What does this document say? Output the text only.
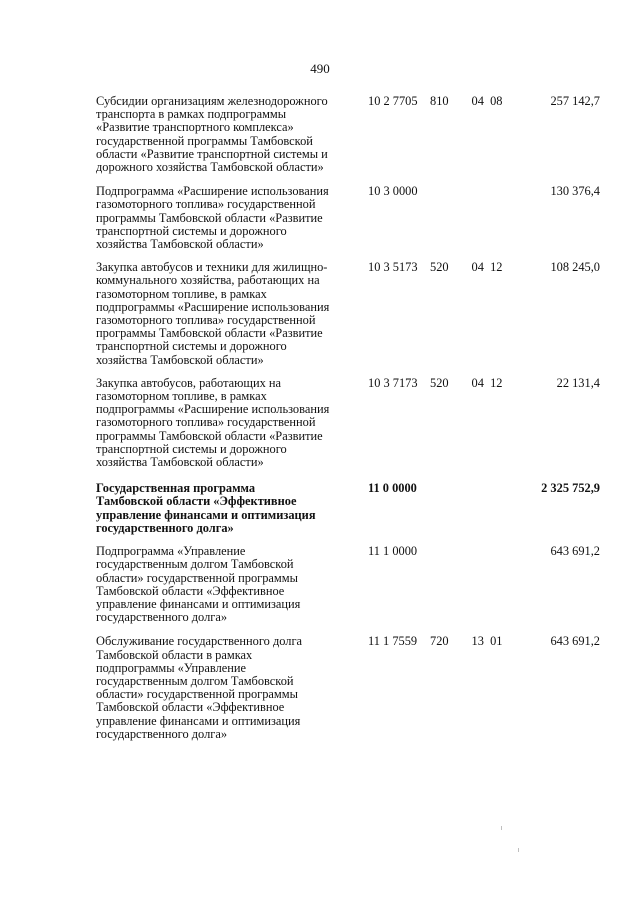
490
Субсидии организациям железнодорожного
транспорта в рамках подпрограммы
«Развитие транспортного комплекса»
государственной программы Тамбовской
области «Развитие транспортной системы и
дорожного хозяйства Тамбовской области»
10 2 7705 810	04  08	257 142,7
Подпрограмма «Расширение использования
газомоторного топлива» государственной
программы Тамбовской области «Развитие
транспортной системы и дорожного
хозяйства Тамбовской области»
10 3 0000	130 376,4
Закупка автобусов и техники для жилищно-
коммунального хозяйства, работающих на
газомоторном топливе, в рамках
подпрограммы «Расширение использования
газомоторного топлива» государственной
программы Тамбовской области «Развитие
транспортной системы и дорожного
хозяйства Тамбовской области»
10 3 5173 520	04  12	108 245,0
Закупка автобусов, работающих на
газомоторном топливе, в рамках
подпрограммы «Расширение использования
газомоторного топлива» государственной
программы Тамбовской области «Развитие
транспортной системы и дорожного
хозяйства Тамбовской области»
10 3 7173 520	04  12	22 131,4
Государственная программа
Тамбовской области «Эффективное
управление финансами и оптимизация
государственного долга»
11 0 0000	2 325 752,9
Подпрограмма «Управление
государственным долгом Тамбовской
области» государственной программы
Тамбовской области «Эффективное
управление финансами и оптимизация
государственного долга»
11 1 0000	643 691,2
Обслуживание государственного долга
Тамбовской области в рамках
подпрограммы «Управление
государственным долгом Тамбовской
области» государственной программы
Тамбовской области «Эффективное
управление финансами и оптимизация
государственного долга»
11 1 7559 720	13  01	643 691,2
